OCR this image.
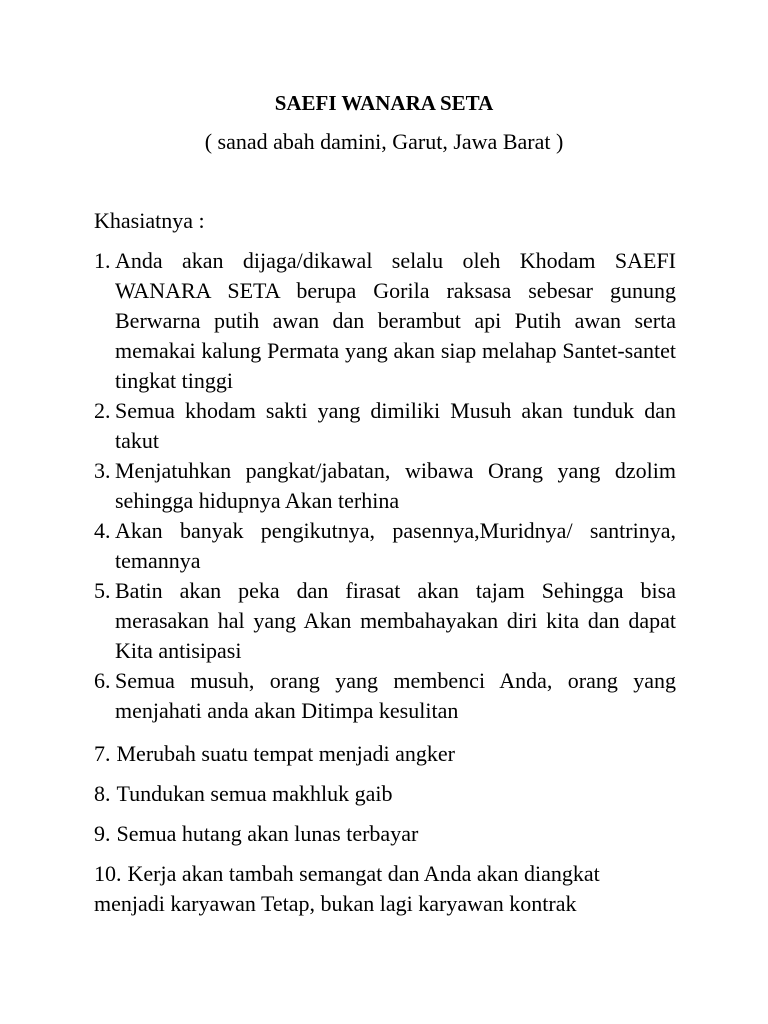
SAEFI WANARA SETA
( sanad abah damini, Garut, Jawa Barat )
Khasiatnya :
1. Anda akan dijaga/dikawal selalu oleh Khodam SAEFI WANARA SETA berupa Gorila raksasa sebesar gunung Berwarna putih awan dan berambut api Putih awan serta memakai kalung Permata yang akan siap melahap Santet-santet tingkat tinggi
2. Semua khodam sakti yang dimiliki Musuh akan tunduk dan takut
3. Menjatuhkan pangkat/jabatan, wibawa Orang yang dzolim sehingga hidupnya Akan terhina
4. Akan banyak pengikutnya, pasennya,Muridnya/ santrinya, temannya
5. Batin akan peka dan firasat akan tajam Sehingga bisa merasakan hal yang Akan membahayakan diri kita dan dapat Kita antisipasi
6. Semua musuh, orang yang membenci Anda, orang yang menjahati anda akan Ditimpa kesulitan
7. Merubah suatu tempat menjadi angker
8. Tundukan semua makhluk gaib
9. Semua hutang akan lunas terbayar
10. Kerja akan tambah semangat dan Anda akan diangkat menjadi karyawan Tetap, bukan lagi karyawan kontrak
